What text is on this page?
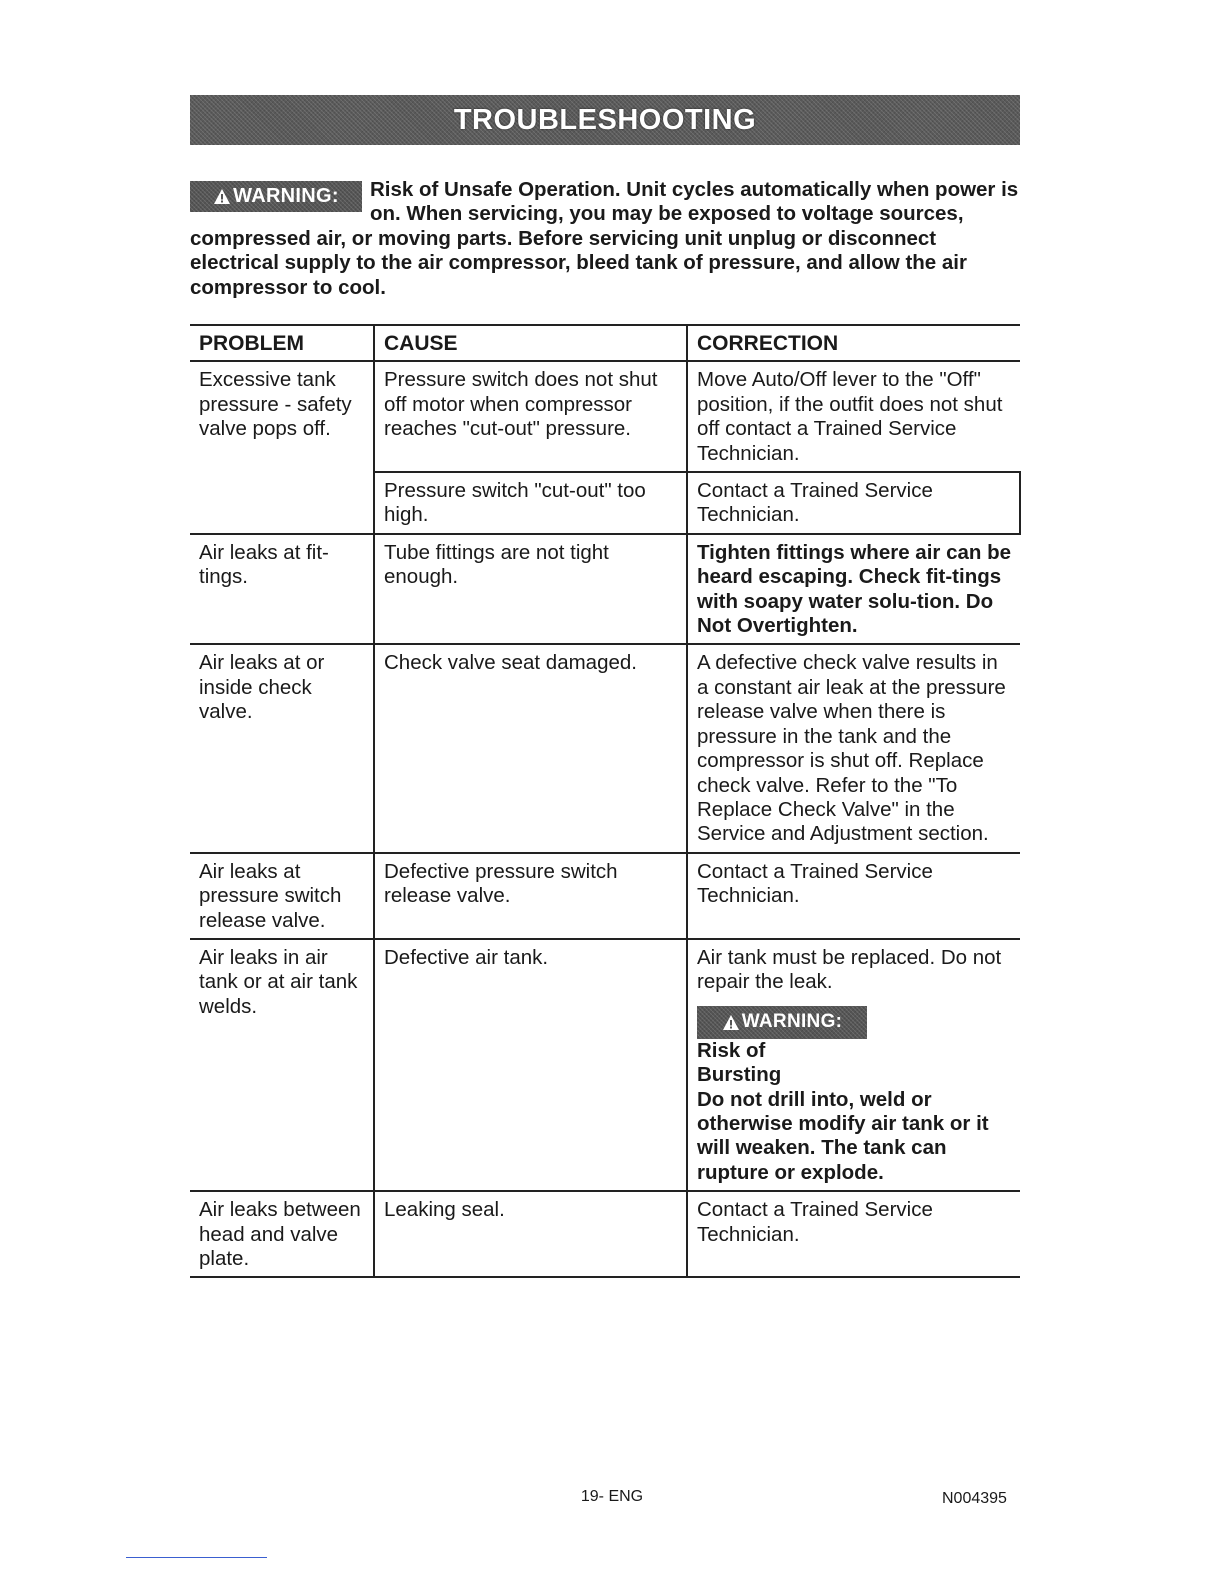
TROUBLESHOOTING
WARNING: Risk of Unsafe Operation. Unit cycles automatically when power is on. When servicing, you may be exposed to voltage sources, compressed air, or moving parts. Before servicing unit unplug or disconnect electrical supply to the air compressor, bleed tank of pressure, and allow the air compressor to cool.
PROBLEM	CAUSE	CORRECTION
Excessive tank pressure - safety valve pops off.	Pressure switch does not shut off motor when compressor reaches "cut-out" pressure.	Move Auto/Off lever to the "Off" position, if the outfit does not shut off contact a Trained Service Technician.
	Pressure switch "cut-out" too high.	Contact a Trained Service Technician.
Air leaks at fit-tings.	Tube fittings are not tight enough.	Tighten fittings where air can be heard escaping. Check fit-tings with soapy water solu-tion. Do Not Overtighten.
Air leaks at or inside check valve.	Check valve seat damaged.	A defective check valve results in a constant air leak at the pressure release valve when there is pressure in the tank and the compressor is shut off. Replace check valve. Refer to the "To Replace Check Valve" in the Service and Adjustment section.
Air leaks at pressure switch release valve.	Defective pressure switch release valve.	Contact a Trained Service Technician.
Air leaks in air tank or at air tank welds.	Defective air tank.	Air tank must be replaced. Do not repair the leak.
WARNING:
Risk of Bursting
Do not drill into, weld or otherwise modify air tank or it will weaken. The tank can rupture or explode.

Air leaks between head and valve plate.	Leaking seal.	Contact a Trained Service Technician.
19- ENG	N004395
